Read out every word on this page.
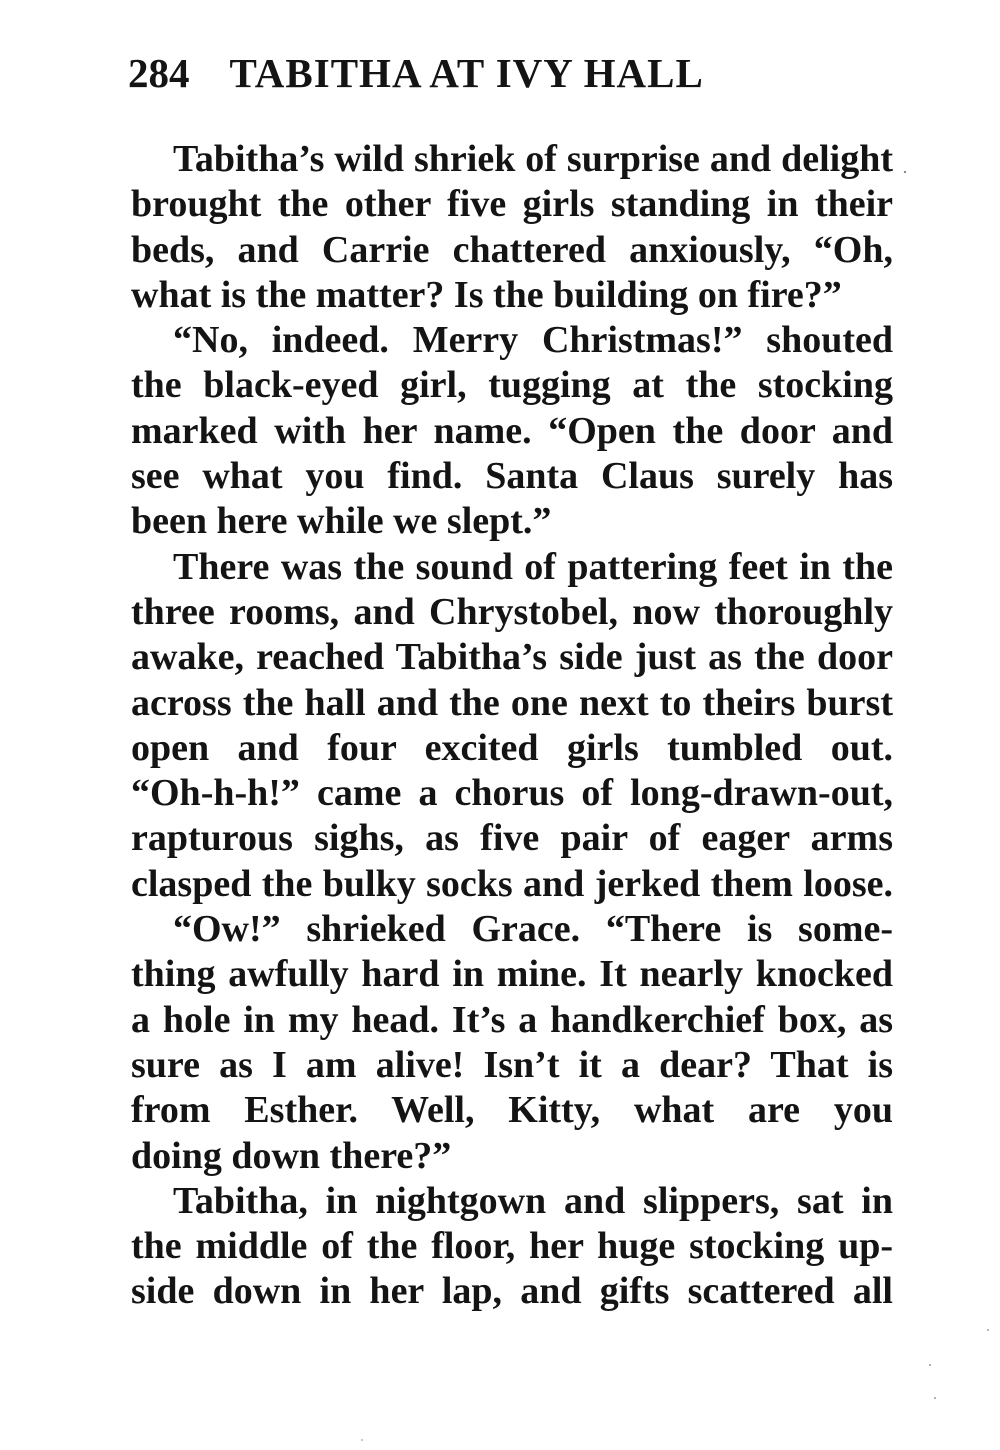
284 TABITHA AT IVY HALL
Tabitha’s wild shriek of surprise and delight
brought the other five girls standing in their
beds, and Carrie chattered anxiously, “Oh,
what is the matter? Is the building on fire?”
“No, indeed. Merry Christmas!” shouted
the black-eyed girl, tugging at the stocking
marked with her name. “Open the door and
see what you find. Santa Claus surely has
been here while we slept.”
There was the sound of pattering feet in the
three rooms, and Chrystobel, now thoroughly
awake, reached Tabitha’s side just as the door
across the hall and the one next to theirs burst
open and four excited girls tumbled out.
“Oh-h-h!” came a chorus of long-drawn-out,
rapturous sighs, as five pair of eager arms
clasped the bulky socks and jerked them loose.
“Ow!” shrieked Grace. “There is some-
thing awfully hard in mine. It nearly knocked
a hole in my head. It’s a handkerchief box, as
sure as I am alive! Isn’t it a dear? That is
from Esther. Well, Kitty, what are you
doing down there?”
Tabitha, in nightgown and slippers, sat in
the middle of the floor, her huge stocking up-
side down in her lap, and gifts scattered all
